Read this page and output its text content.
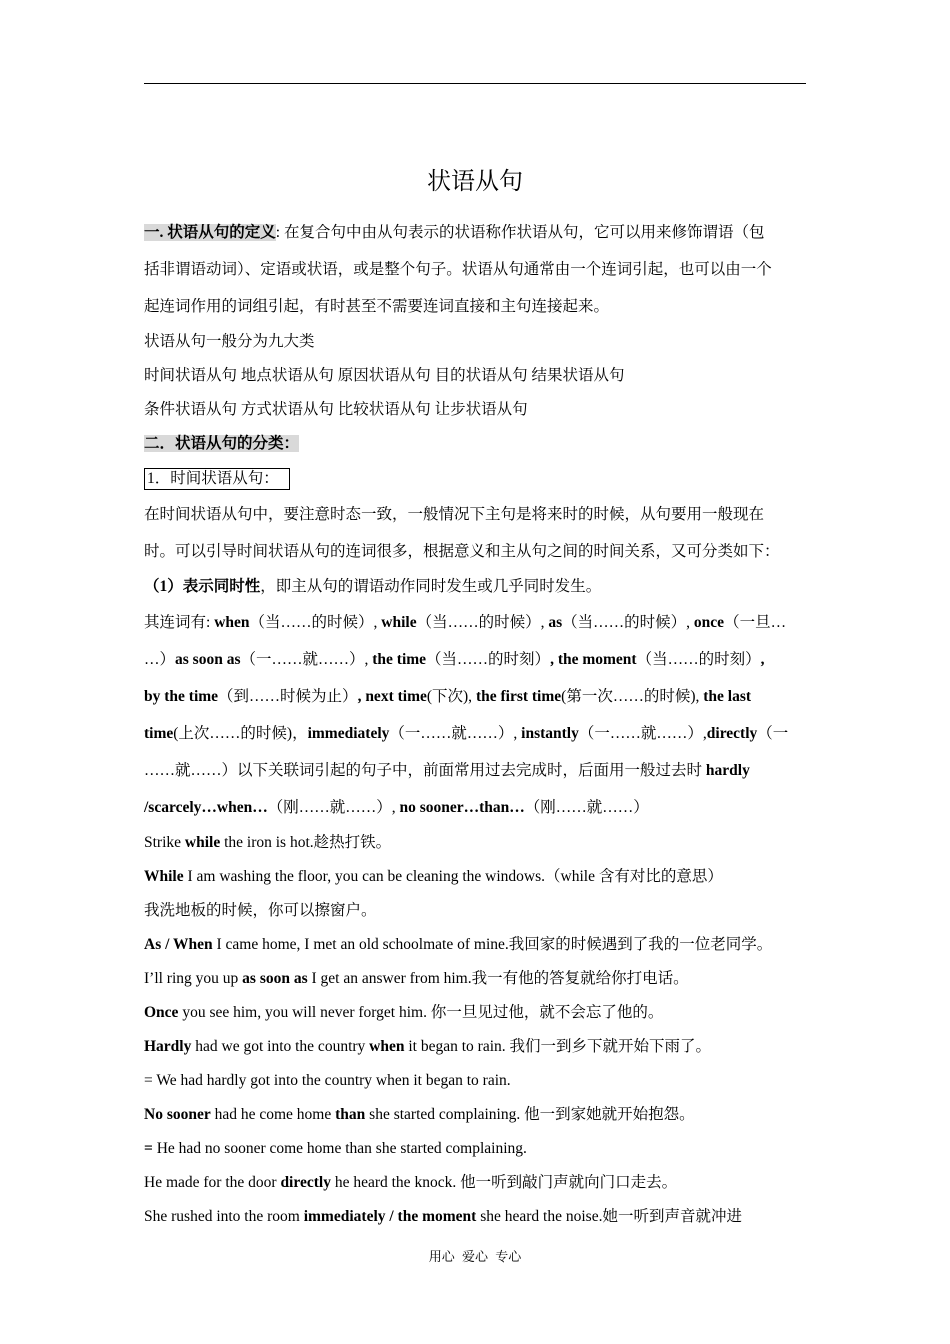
状语从句

一. 状语从句的定义: 在复合句中由从句表示的状语称作状语从句，它可以用来修饰谓语（包

括非谓语动词）、定语或状语，或是整个句子。状语从句通常由一个连词引起，也可以由一个

起连词作用的词组引起，有时甚至不需要连词直接和主句连接起来。

状语从句一般分为九大类

时间状语从句 地点状语从句 原因状语从句 目的状语从句 结果状语从句

条件状语从句 方式状语从句 比较状语从句 让步状语从句

二．状语从句的分类：

1．时间状语从句：

在时间状语从句中，要注意时态一致，一般情况下主句是将来时的时候，从句要用一般现在

时。可以引导时间状语从句的连词很多，根据意义和主从句之间的时间关系，又可分类如下：

（1）表示同时性，即主从句的谓语动作同时发生或几乎同时发生。

其连词有: when（当……的时候）, while（当……的时候）, as（当……的时候）, once（一旦…

…）as soon as（一……就……）, the time（当……的时刻）, the moment（当……的时刻）,

by the time（到……时候为止）, next time(下次), the first time(第一次……的时候), the last

time(上次……的时候)，immediately（一……就……）, instantly（一……就……）,directly（一

……就……）以下关联词引起的句子中，前面常用过去完成时，后面用一般过去时 hardly

/scarcely…when…（刚……就……）, no sooner…than…（刚……就……）

Strike while the iron is hot.趁热打铁。

While I am washing the floor, you can be cleaning the windows.（while 含有对比的意思）

我洗地板的时候，你可以擦窗户。

As / When I came home, I met an old schoolmate of mine.我回家的时候遇到了我的一位老同学。

I’ll ring you up as soon as I get an answer from him.我一有他的答复就给你打电话。

Once you see him, you will never forget him. 你一旦见过他，就不会忘了他的。

Hardly had we got into the country when it began to rain. 我们一到乡下就开始下雨了。

= We had hardly got into the country when it began to rain.

No sooner had he come home than she started complaining. 他一到家她就开始抱怨。

= He had no sooner come home than she started complaining.

He made for the door directly he heard the knock. 他一听到敲门声就向门口走去。

She rushed into the room immediately / the moment she heard the noise.她一听到声音就冲进

用心 爱心 专心
